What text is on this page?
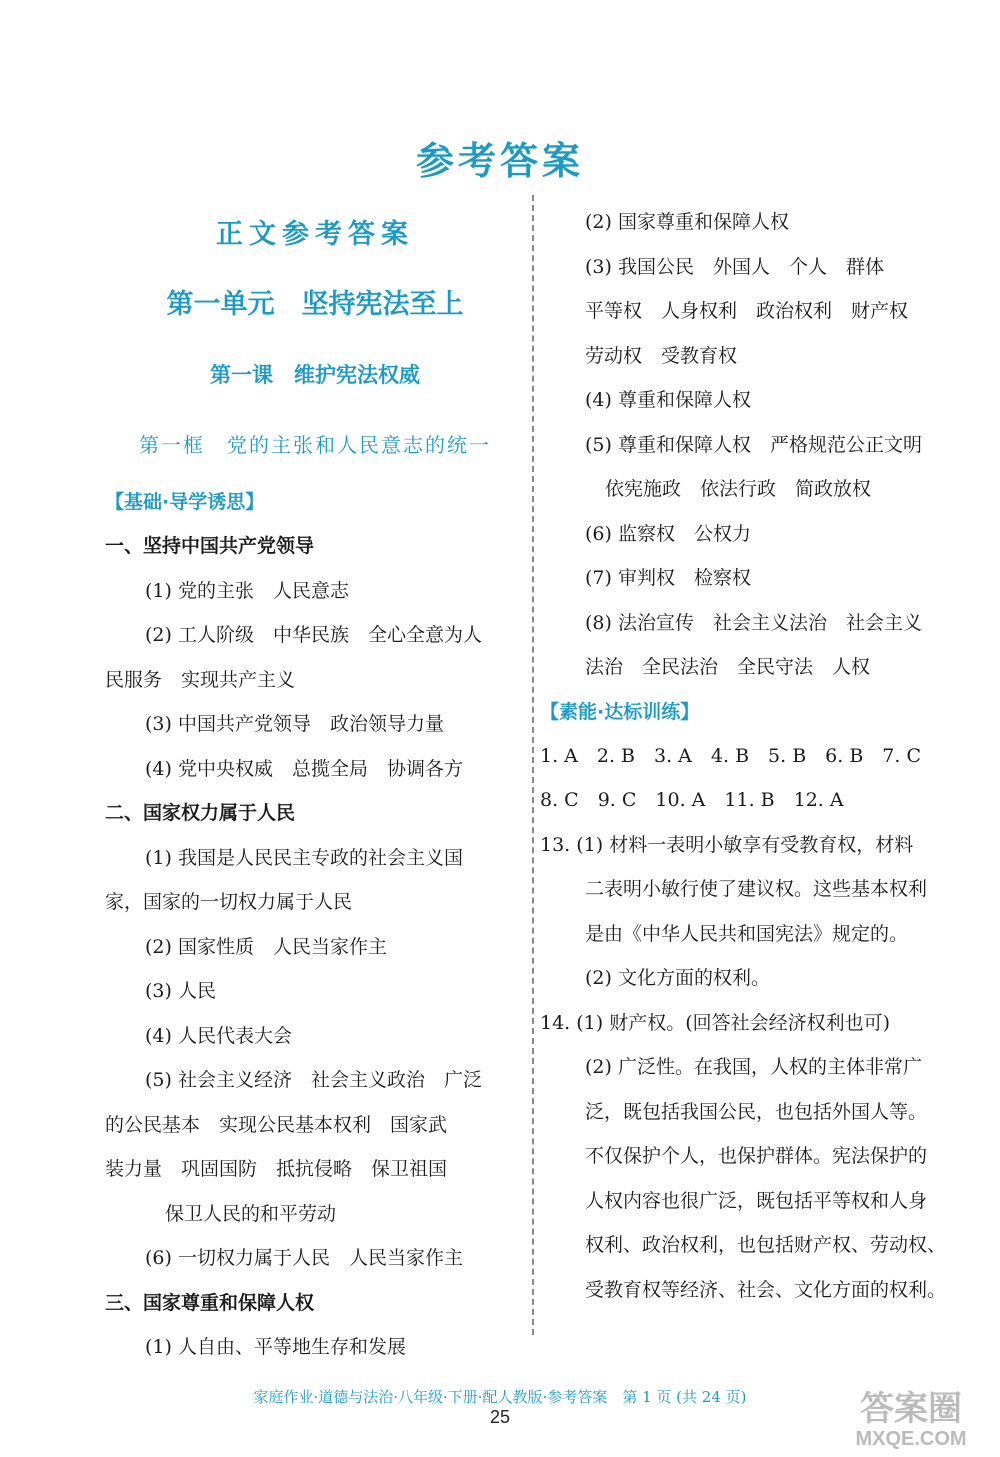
参考答案
正文参考答案
第一单元　坚持宪法至上
第一课　维护宪法权威
第一框　党的主张和人民意志的统一
【基础·导学诱思】
一、坚持中国共产党领导
(1) 党的主张　人民意志
(2) 工人阶级　中华民族　全心全意为人
民服务　实现共产主义
(3) 中国共产党领导　政治领导力量
(4) 党中央权威　总揽全局　协调各方
二、国家权力属于人民
(1) 我国是人民民主专政的社会主义国
家，国家的一切权力属于人民
(2) 国家性质　人民当家作主
(3) 人民
(4) 人民代表大会
(5) 社会主义经济　社会主义政治　广泛
的公民基本　实现公民基本权利　国家武
装力量　巩固国防　抵抗侵略　保卫祖国
保卫人民的和平劳动
(6) 一切权力属于人民　人民当家作主
三、国家尊重和保障人权
(1) 人自由、平等地生存和发展
(2) 国家尊重和保障人权
(3) 我国公民　外国人　个人　群体
平等权　人身权利　政治权利　财产权
劳动权　受教育权
(4) 尊重和保障人权
(5) 尊重和保障人权　严格规范公正文明
依宪施政　依法行政　简政放权
(6) 监察权　公权力
(7) 审判权　检察权
(8) 法治宣传　社会主义法治　社会主义
法治　全民法治　全民守法　人权
【素能·达标训练】
1. A　2. B　3. A　4. B　5. B　6. B　7. C
8. C　9. C　10. A　11. B　12. A
13. (1) 材料一表明小敏享有受教育权，材料
二表明小敏行使了建议权。这些基本权利
是由《中华人民共和国宪法》规定的。
(2) 文化方面的权利。
14. (1) 财产权。(回答社会经济权利也可)
(2) 广泛性。在我国，人权的主体非常广
泛，既包括我国公民，也包括外国人等。
不仅保护个人，也保护群体。宪法保护的
人权内容也很广泛，既包括平等权和人身
权利、政治权利，也包括财产权、劳动权、
受教育权等经济、社会、文化方面的权利。
家庭作业·道德与法治·八年级·下册·配人教版·参考答案　第 1 页 (共 24 页)
25	答案圈
MXQE.COM
